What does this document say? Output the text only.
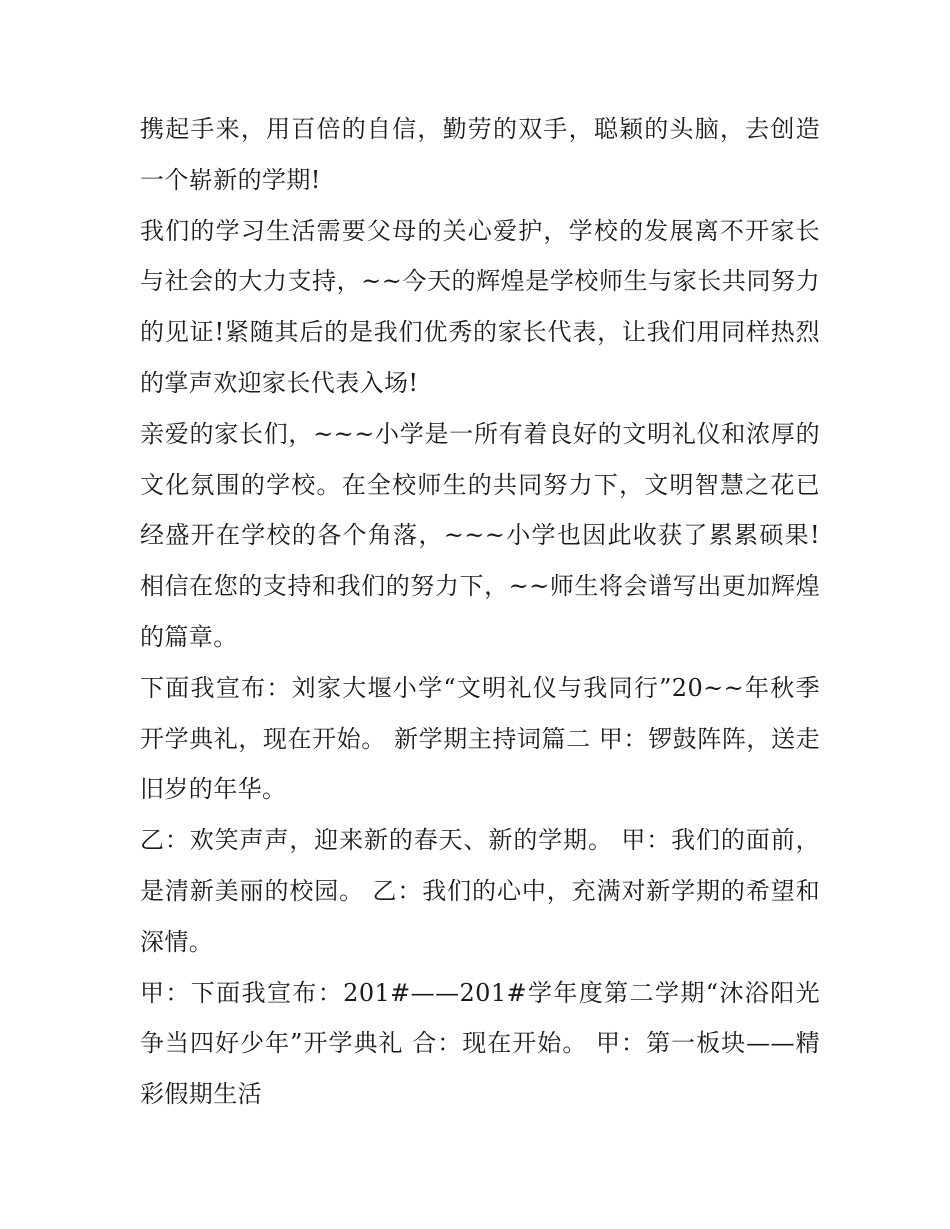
携起手来，用百倍的自信，勤劳的双手，聪颖的头脑，去创造一个崭新的学期!

我们的学习生活需要父母的关心爱护，学校的发展离不开家长与社会的大力支持，~~今天的辉煌是学校师生与家长共同努力的见证!紧随其后的是我们优秀的家长代表，让我们用同样热烈的掌声欢迎家长代表入场!

亲爱的家长们，~~~小学是一所有着良好的文明礼仪和浓厚的文化氛围的学校。在全校师生的共同努力下，文明智慧之花已经盛开在学校的各个角落，~~~小学也因此收获了累累硕果!相信在您的支持和我们的努力下，~~师生将会谱写出更加辉煌的篇章。

下面我宣布：刘家大堰小学“文明礼仪与我同行”20~~年秋季开学典礼，现在开始。 新学期主持词篇二 甲：锣鼓阵阵，送走旧岁的年华。

乙：欢笑声声，迎来新的春天、新的学期。 甲：我们的面前，是清新美丽的校园。 乙：我们的心中，充满对新学期的希望和深情。

甲：下面我宣布：201#——201#学年度第二学期“沐浴阳光争当四好少年”开学典礼 合：现在开始。 甲：第一板块——精彩假期生活
